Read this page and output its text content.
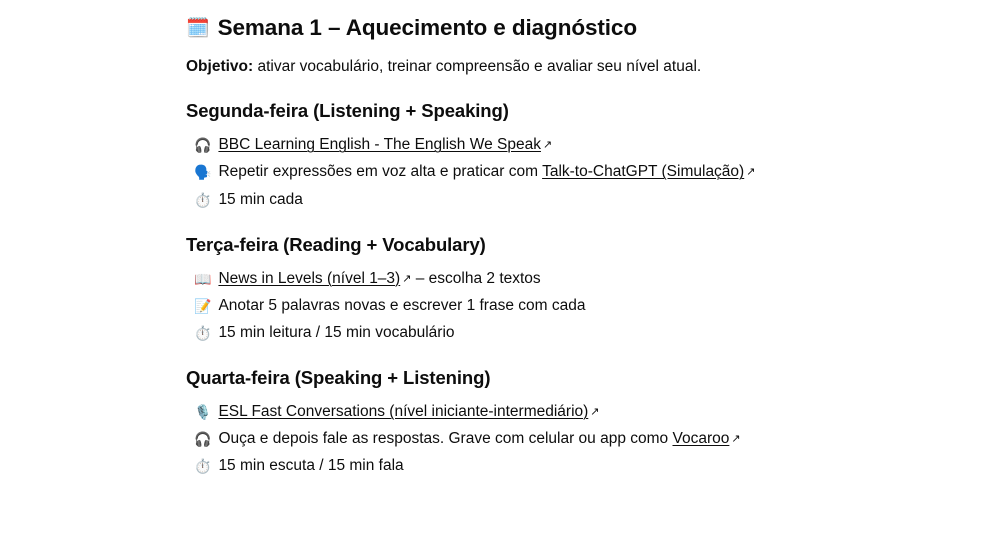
🗓️ Semana 1 – Aquecimento e diagnóstico

Objetivo: ativar vocabulário, treinar compreensão e avaliar seu nível atual.

Segunda-feira (Listening + Speaking)
🎧 BBC Learning English - The English We Speak ↗
🗣️ Repetir expressões em voz alta e praticar com Talk-to-ChatGPT (Simulação) ↗
⏱️ 15 min cada
Terça-feira (Reading + Vocabulary)
📖 News in Levels (nível 1–3) ↗ – escolha 2 textos
📝 Anotar 5 palavras novas e escrever 1 frase com cada
⏱️ 15 min leitura / 15 min vocabulário
Quarta-feira (Speaking + Listening)
🎙️ ESL Fast Conversations (nível iniciante-intermediário) ↗
🎧 Ouça e depois fale as respostas. Grave com celular ou app como Vocaroo ↗
⏱️ 15 min escuta / 15 min fala
